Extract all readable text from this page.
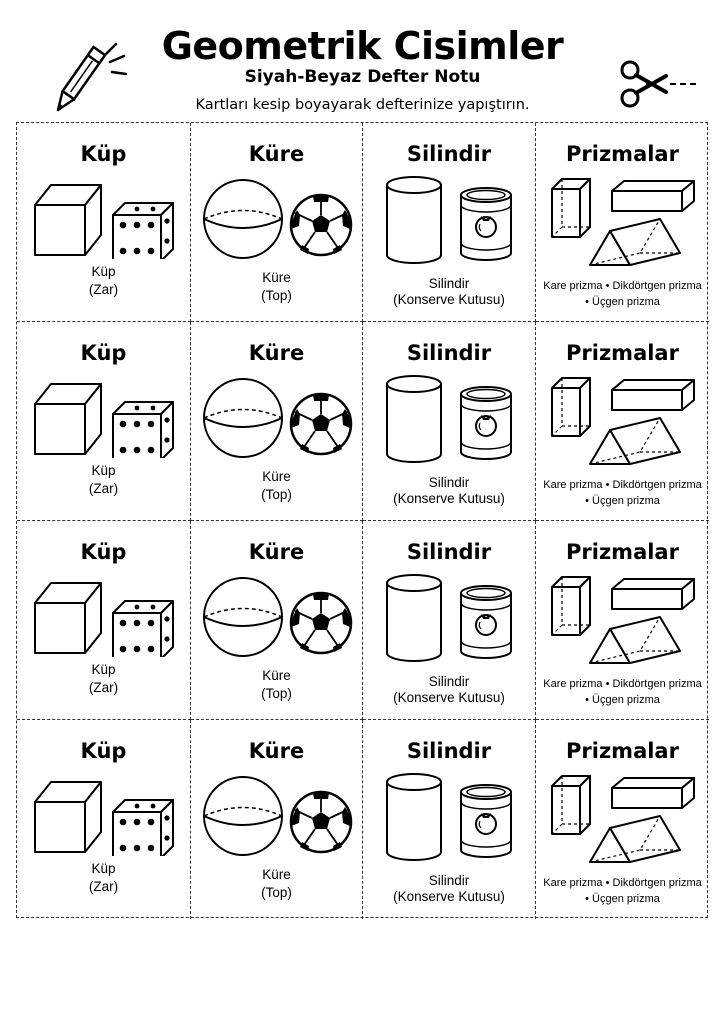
Geometrik Cisimler
Siyah-Beyaz Defter Notu
Kartları kesip boyayarak defterinize yapıştırın.
Küp
Küp
(Zar)
Küre
Küre
(Top)
Silindir
Silindir
(Konserve Kutusu)
Prizmalar
Kare prizma • Dikdörtgen prizma
• Üçgen prizma
Küp
Küp
(Zar)
Küre
Küre
(Top)
Silindir
Silindir
(Konserve Kutusu)
Prizmalar
Kare prizma • Dikdörtgen prizma
• Üçgen prizma
Küp
Küp
(Zar)
Küre
Küre
(Top)
Silindir
Silindir
(Konserve Kutusu)
Prizmalar
Kare prizma • Dikdörtgen prizma
• Üçgen prizma
Küp
Küp
(Zar)
Küre
Küre
(Top)
Silindir
Silindir
(Konserve Kutusu)
Prizmalar
Kare prizma • Dikdörtgen prizma
• Üçgen prizma
